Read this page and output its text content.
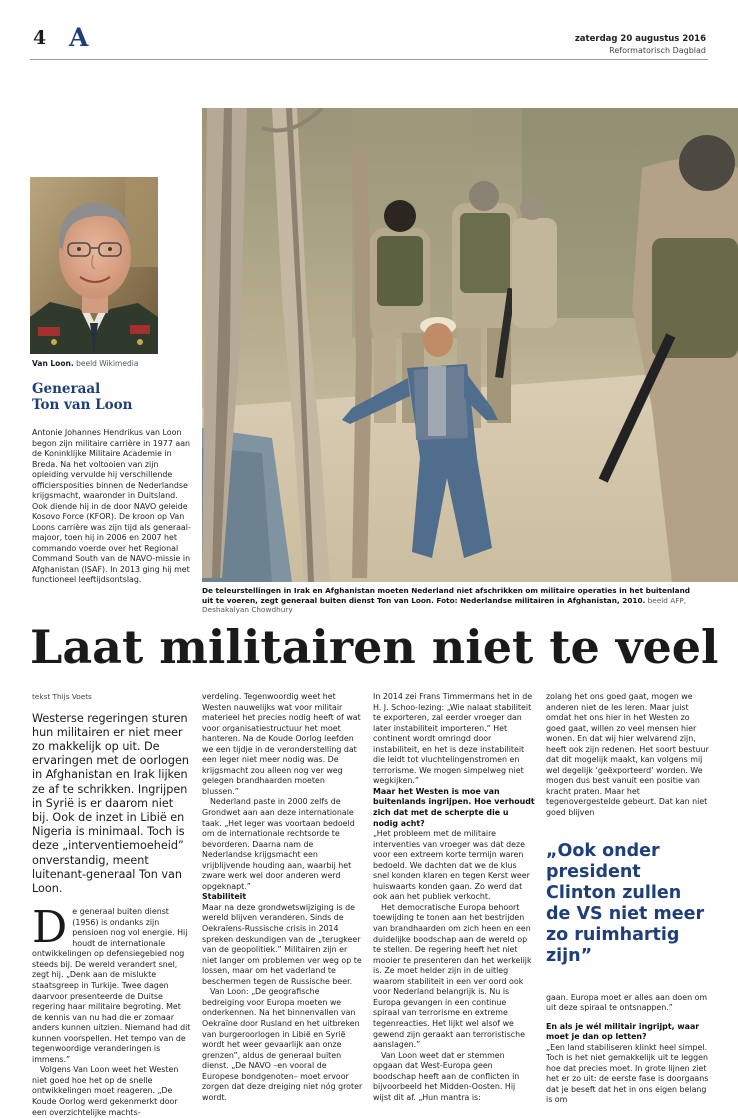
4 A	zaterdag 20 augustus 2016
Reformatorisch Dagblad
Van Loon. beeld Wikimedia
Generaal
Ton van Loon
Antonie Johannes Hendrikus van Loon begon zijn militaire carrière in 1977 aan de Koninklijke Militaire Academie in Breda. Na het voltooien van zijn opleiding vervulde hij verschillende officiersposities binnen de Nederlandse krijgsmacht, waaronder in Duitsland. Ook diende hij in de door NAVO geleide Kosovo Force (KFOR). De kroon op Van Loons carrière was zijn tijd als generaal-majoor, toen hij in 2006 en 2007 het commando voerde over het Regional Command South van de NAVO-missie in Afghanistan (ISAF). In 2013 ging hij met functioneel leeftijdsontslag.
De teleurstellingen in Irak en Afghanistan moeten Nederland niet afschrikken om militaire operaties in het buitenland uit te voeren, zegt generaal buiten dienst Ton van Loon. Foto: Nederlandse militairen in Afghanistan, 2010. beeld AFP, Deshakalyan Chowdhury
Laat militairen niet te veel

tekst Thijs Voets

Westerse regeringen sturen hun militairen er niet meer zo makkelijk op uit. De ervaringen met de oorlogen in Afghanistan en Irak lijken ze af te schrikken. Ingrijpen in Syrië is er daarom niet bij. Ook de inzet in Libië en Nigeria is minimaal. Toch is deze „interventiemoeheid” onverstandig, meent luitenant-generaal Ton van Loon.

D e generaal buiten dienst (1956) is ondanks zijn pensioen nog vol energie. Hij houdt de internationale ontwikkelingen op defensiegebied nog steeds bij. De wereld verandert snel, zegt hij. „Denk aan de mislukte staatsgreep in Turkije. Twee dagen daarvoor presenteerde de Duitse regering haar militaire begroting. Met de kennis van nu had die er zomaar anders kunnen uitzien. Niemand had dit kunnen voorspellen. Het tempo van de tegenwoordige veranderingen is immens.”

Volgens Van Loon weet het Westen niet goed hoe het op de snelle ontwikkelingen moet reageren. „De Koude Oorlog werd gekenmerkt door een overzichtelijke machts-

verdeling. Tegenwoordig weet het Westen nauwelijks wat voor militair materieel het precies nodig heeft of wat voor organisatiestructuur het moet hanteren. Na de Koude Oorlog leefden we een tijdje in de veronderstelling dat een leger niet meer nodig was. De krijgsmacht zou alleen nog ver weg gelegen brandhaarden moeten blussen.”

Nederland paste in 2000 zelfs de Grondwet aan aan deze internationale taak. „Het leger was voortaan bedoeld om de internationale rechtsorde te bevorderen. Daarna nam de Nederlandse krijgsmacht een vrijblijvende houding aan, waarbij het zware werk wel door anderen werd opgeknapt.”

Stabiliteit

Maar na deze grondwetswijziging is de wereld blijven veranderen. Sinds de Oekraïens-Russische crisis in 2014 spreken deskundigen van de „terugkeer van de geopolitiek.” Militairen zijn er niet langer om problemen ver weg op te lossen, maar om het vaderland te beschermen tegen de Russische beer.

Van Loon: „De geografische bedreiging voor Europa moeten we onderkennen. Na het binnenvallen van Oekraïne door Rusland en het uitbreken van burgeroorlogen in Libië en Syrië wordt het weer gevaarlijk aan onze grenzen”, aldus de generaal buiten dienst. „De NAVO –en vooral de Europese bondgenoten– moet ervoor zorgen dat deze dreiging niet nóg groter wordt.

In 2014 zei Frans Timmermans het in de H. J. Schoo-lezing: „Wie nalaat stabiliteit te exporteren, zal eerder vroeger dan later instabiliteit importeren.” Het continent wordt omringd door instabiliteit, en het is deze instabiliteit die leidt tot vluchtelingenstromen en terrorisme. We mogen simpelweg niet wegkijken.”

Maar het Westen is moe van buitenlands ingrijpen. Hoe verhoudt zich dat met de scherpte die u nodig acht?

„Het probleem met de militaire interventies van vroeger was dat deze voor een extreem korte termijn waren bedoeld. We dachten dat we de klus snel konden klaren en tegen Kerst weer huiswaarts konden gaan. Zo werd dat ook aan het publiek verkocht.

Het democratische Europa behoort toewijding te tonen aan het bestrijden van brandhaarden om zich heen en een duidelijke boodschap aan de wereld op te stellen. De regering heeft het niet mooier te presenteren dan het werkelijk is. Ze moet helder zijn in de uitleg waarom stabiliteit in een ver oord ook voor Nederland belangrijk is. Nu is Europa gevangen in een continue spiraal van terrorisme en extreme tegenreacties. Het lijkt wel alsof we gewend zijn geraakt aan terroristische aanslagen.”

Van Loon weet dat er stemmen opgaan dat West-Europa geen boodschap heeft aan de conflicten in bijvoorbeeld het Midden-Oosten. Hij wijst dit af. „Hun mantra is:

zolang het ons goed gaat, mogen we anderen niet de les leren. Maar juist omdat het ons hier in het Westen zo goed gaat, willen zo veel mensen hier wonen. En dat wij hier welvarend zijn, heeft ook zijn redenen. Het soort bestuur dat dit mogelijk maakt, kan volgens mij wel degelijk ‘geëxporteerd’ worden. We mogen dus best vanuit een positie van kracht praten. Maar het tegenovergestelde gebeurt. Dat kan niet goed blijven

„Ook onder president Clinton zullen de VS niet meer zo ruimhartig zijn”

gaan. Europa moet er alles aan doen om uit deze spiraal te ontsnappen.”

En als je wél militair ingrijpt, waar moet je dan op letten?

„Een land stabiliseren klinkt heel simpel. Toch is het niet gemakkelijk uit te leggen hoe dat precies moet. In grote lijnen ziet het er zo uit: de eerste fase is doorgaans dat je beseft dat het in ons eigen belang is om
